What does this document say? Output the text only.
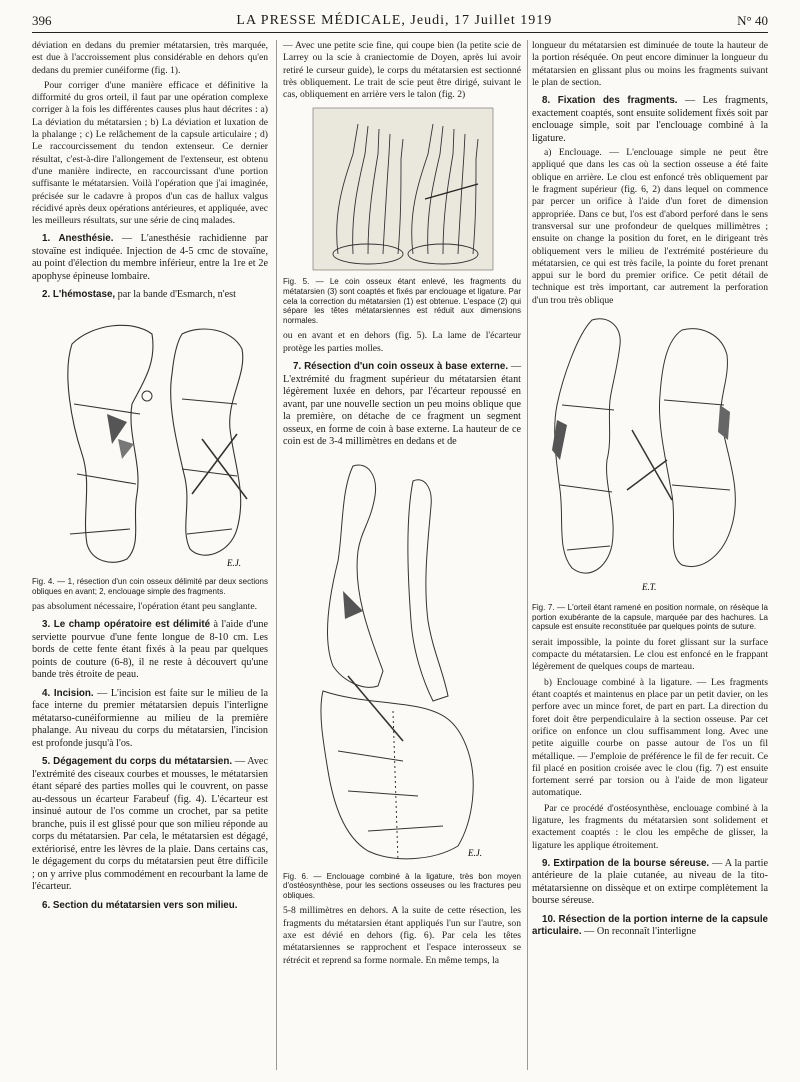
396	LA PRESSE MÉDICALE, Jeudi, 17 Juillet 1919	N° 40

déviation en dedans du premier métatarsien, très marquée, est due à l'accroissement plus considérable en dehors qu'en dedans du premier cunéiforme (fig. 1).

Pour corriger d'une manière efficace et définitive la difformité du gros orteil, il faut par une opération complexe corriger à la fois les différentes causes plus haut décrites : a) La déviation du métatarsien ; b) La déviation et luxation de la phalange ; c) Le relâchement de la capsule articulaire ; d) Le raccourcissement du tendon extenseur. Ce dernier résultat, c'est-à-dire l'allongement de l'extenseur, est obtenu d'une manière indirecte, en raccourcissant d'une portion suffisante le métatarsien. Voilà l'opération que j'ai imaginée, précisée sur le cadavre à propos d'un cas de hallux valgus récidivé après deux opérations antérieures, et appliquée, avec les meilleurs résultats, sur une série de cinq malades.

1. Anesthésie. — L'anesthésie rachidienne par stovaïne est indiquée. Injection de 4-5 cmc de stovaïne, au point d'élection du membre inférieur, entre la 1re et 2e apophyse épineuse lombaire.
2. L'hémostase, par la bande d'Esmarch, n'est
E.J.

Fig. 4. — 1, résection d'un coin osseux délimité par deux sections obliques en avant; 2, enclouage simple des fragments.

pas absolument nécessaire, l'opération étant peu sanglante.

3. Le champ opératoire est délimité à l'aide d'une serviette pourvue d'une fente longue de 8-10 cm. Les bords de cette fente étant fixés à la peau par quelques points de couture (6-8), il ne reste à découvert qu'une bande très étroite de peau.
4. Incision. — L'incision est faite sur le milieu de la face interne du premier métatarsien depuis l'interligne métatarso-cunéiformienne au milieu de la première phalange. Au niveau du corps du métatarsien, l'incision est profonde jusqu'à l'os.
5. Dégagement du corps du métatarsien. — Avec l'extrémité des ciseaux courbes et mousses, le métatarsien étant séparé des parties molles qui le couvrent, on passe au-dessous un écarteur Farabeuf (fig. 4). L'écarteur est insinué autour de l'os comme un crochet, par sa petite branche, puis il est glissé pour que son milieu réponde au corps du métatarsien. Par cela, le métatarsien est dégagé, extériorisé, entre les lèvres de la plaie. Dans certains cas, le dégagement du corps du métatarsien peut être difficile ; on y arrive plus commodément en recourbant la lame de l'écarteur.
6. Section du métatarsien vers son milieu.

— Avec une petite scie fine, qui coupe bien (la petite scie de Larrey ou la scie à craniectomie de Doyen, après lui avoir retiré le curseur guide), le corps du métatarsien est sectionné très obliquement. Le trait de scie peut être dirigé, suivant le cas, obliquement en arrière vers le talon (fig. 2)

Fig. 5. — Le coin osseux étant enlevé, les fragments du métatarsien (3) sont coaptés et fixés par enclouage et ligature. Par cela la correction du métatarsien (1) est obtenue. L'espace (2) qui sépare les têtes métatarsiennes est réduit aux dimensions normales.

ou en avant et en dehors (fig. 5). La lame de l'écarteur protège les parties molles.

7. Résection d'un coin osseux à base externe. — L'extrémité du fragment supérieur du métatarsien étant légèrement luxée en dehors, par l'écarteur repoussé en avant, par une nouvelle section un peu moins oblique que la première, on détache de ce fragment un segment osseux, en forme de coin à base externe. La hauteur de ce coin est de 3-4 millimètres en dedans et de
E.J.

Fig. 6. — Enclouage combiné à la ligature, très bon moyen d'ostéosynthèse, pour les sections osseuses ou les fractures peu obliques.

5-8 millimètres en dehors. A la suite de cette résection, les fragments du métatarsien étant appliqués l'un sur l'autre, son axe est dévié en dehors (fig. 6). Par cela les têtes métatarsiennes se rapprochent et l'espace interosseux se rétrécit et reprend sa forme normale. En même temps, la

longueur du métatarsien est diminuée de toute la hauteur de la portion réséquée. On peut encore diminuer la longueur du métatarsien en glissant plus ou moins les fragments suivant le plan de section.

8. Fixation des fragments. — Les fragments, exactement coaptés, sont ensuite solidement fixés soit par enclouage simple, soit par l'enclouage combiné à la ligature.

a) Enclouage. — L'enclouage simple ne peut être appliqué que dans les cas où la section osseuse a été faite oblique en arrière. Le clou est enfoncé très obliquement par le fragment supérieur (fig. 6, 2) dans lequel on commence par percer un orifice à l'aide d'un foret de dimension appropriée. Dans ce but, l'os est d'abord perforé dans le sens transversal sur une profondeur de quelques millimètres ; ensuite on change la position du foret, en le dirigeant très obliquement vers le milieu de l'extrémité postérieure du métatarsien, ce qui est très facile, la pointe du foret prenant appui sur le bord du premier orifice. Ce petit détail de technique est très important, car autrement la perforation d'un trou très oblique

E.T.

Fig. 7. — L'orteil étant ramené en position normale, on résèque la portion exubérante de la capsule, marquée par des hachures. La capsule est ensuite reconstituée par quelques points de suture.

serait impossible, la pointe du foret glissant sur la surface compacte du métatarsien. Le clou est enfoncé en le frappant légèrement de quelques coups de marteau.

b) Enclouage combiné à la ligature. — Les fragments étant coaptés et maintenus en place par un petit davier, on les perfore avec un mince foret, de part en part. La direction du foret doit être perpendiculaire à la section osseuse. Par cet orifice on enfonce un clou suffisamment long. Avec une petite aiguille courbe on passe autour de l'os un fil métallique. — J'emploie de préférence le fil de fer recuit. Ce fil placé en position croisée avec le clou (fig. 7) est ensuite fortement serré par torsion ou à l'aide de mon ligateur automatique.

Par ce procédé d'ostéosynthèse, enclouage combiné à la ligature, les fragments du métatarsien sont solidement et exactement coaptés : le clou les empêche de glisser, la ligature les applique étroitement.

9. Extirpation de la bourse séreuse. — A la partie antérieure de la plaie cutanée, au niveau de la tito-métatarsienne on dissèque et on extirpe complètement la bourse séreuse.
10. Résection de la portion interne de la capsule articulaire. — On reconnaît l'interligne
